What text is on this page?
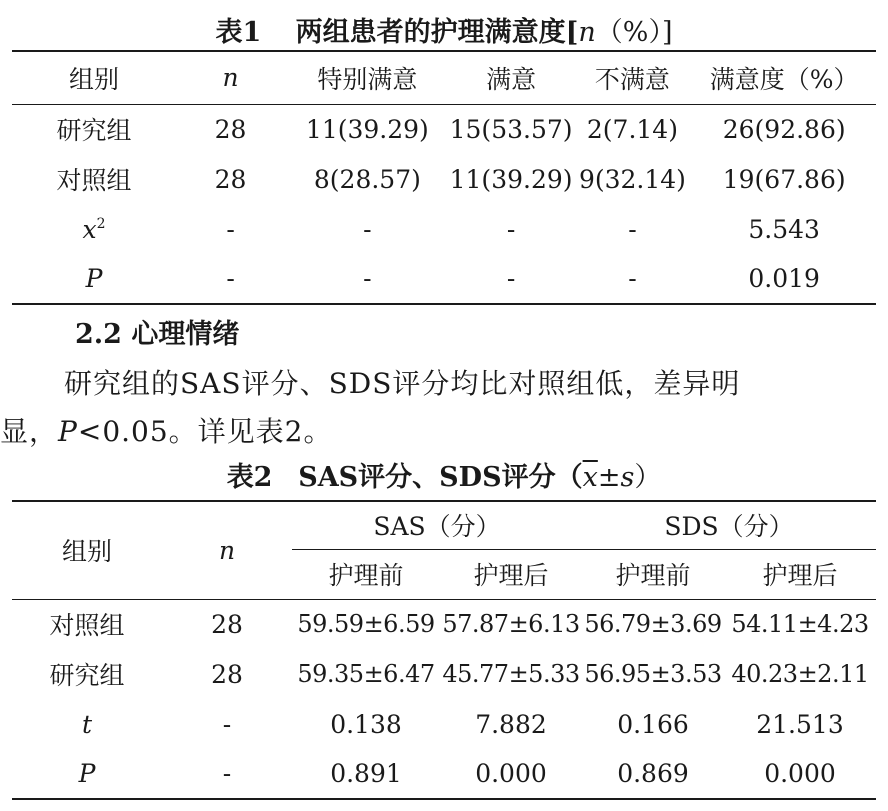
表1 两组患者的护理满意度[n（%）]
组别	n	特别满意	满意	不满意	满意度（%）
研究组	28	11(39.29)	15(53.57)	2(7.14)	26(92.86)
对照组	28	8(28.57)	11(39.29)	9(32.14)	19(67.86)
$x^2$	-	-	-	-	5.543
P	-	-	-	-	0.019
2.2 心理情绪
研究组的SAS评分、SDS评分均比对照组低，差异明
显，P<0.05。详见表2。
表2 SAS评分、SDS评分$(\overline{x}\pm s)$
组别	n	SAS（分）		SDS（分）	
		护理前	护理后	护理前	护理后
对照组	28	59.59±6.59	57.87±6.13	56.79±3.69	54.11±4.23
研究组	28	59.35±6.47	45.77±5.33	56.95±3.53	40.23±2.11
t	-	0.138	7.882	0.166	21.513
P	-	0.891	0.000	0.869	0.000
